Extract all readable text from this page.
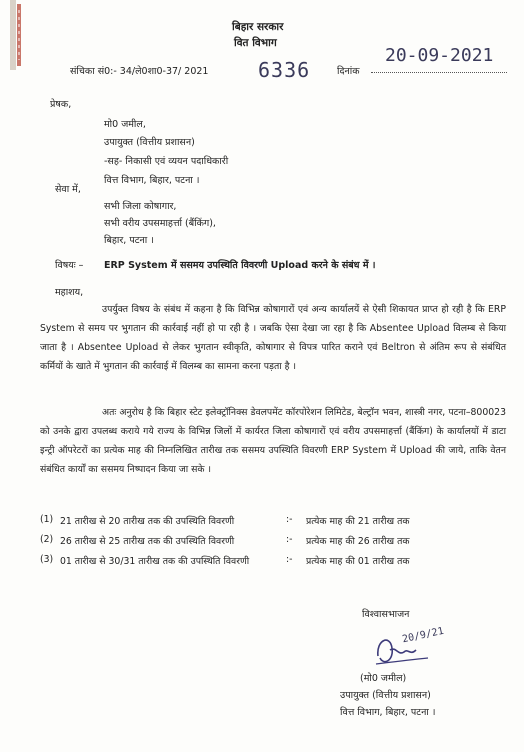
बिहार सरकार
वित विभाग
संचिका सं0:- 34/ले0शा0-37/ 2021 6336	दिनांक
20-09-2021
प्रेषक,
मो0 जमील,
उपायुक्त (वित्तीय प्रशासन)
-सह- निकासी एवं व्ययन पदाधिकारी
वित्त विभाग, बिहार, पटना ।
सेवा में,
सभी जिला कोषागार,
सभी वरीय उपसमाहर्त्ता (बैंकिंग),
बिहार, पटना ।
विषयः – ERP System में ससमय उपस्थिति विवरणी Upload करने के संबंध में ।
महाशय,
उपर्युक्त विषय के संबंध में कहना है कि विभिन्न कोषागारों एवं अन्य कार्यालयें से ऐसी शिकायत प्राप्त हो रही है कि ERP System से समय पर भुगतान की कार्रवाई नहीं हो पा रही है । जबकि ऐसा देखा जा रहा है कि Absentee Upload विलम्ब से किया जाता है । Absentee Upload से लेकर भुगतान स्वीकृति, कोषागार से विपत्र पारित कराने एवं Beltron से अंतिम रूप से संबंधित कर्मियों के खाते में भुगतान की कार्रवाई में विलम्ब का सामना करना पड़ता है ।
अतः अनुरोध है कि बिहार स्टेट इलेक्ट्रॉनिक्स डेवलपमेंट कॉरपोरेशन लिमिटेड, बेल्ट्रॉन भवन, शास्त्री नगर, पटना–800023 को उनके द्वारा उपलब्ध कराये गये राज्य के विभिन्न जिलों में कार्यरत जिला कोषागारों एवं वरीय उपसमाहर्त्ता (बैंकिंग) के कार्यालयों में डाटा इन्ट्री ऑपरेटरों का प्रत्येक माह की निम्नलिखित तारीख तक ससमय उपस्थिति विवरणी ERP System में Upload की जाये, ताकि वेतन संबंधित कार्यों का ससमय निष्पादन किया जा सके ।
(1) 21 तारीख से 20 तारीख तक की उपस्थिति विवरणी	:- प्रत्येक माह की 21 तारीख तक
(2) 26 तारीख से 25 तारीख तक की उपस्थिति विवरणी	:- प्रत्येक माह की 26 तारीख तक
(3) 01 तारीख से 30/31 तारीख तक की उपस्थिति विवरणी	:- प्रत्येक माह की 01 तारीख तक
विश्वासभाजन
20/9/21
(मो0 जमील)
उपायुक्त (वित्तीय प्रशासन)
वित्त विभाग, बिहार, पटना ।
